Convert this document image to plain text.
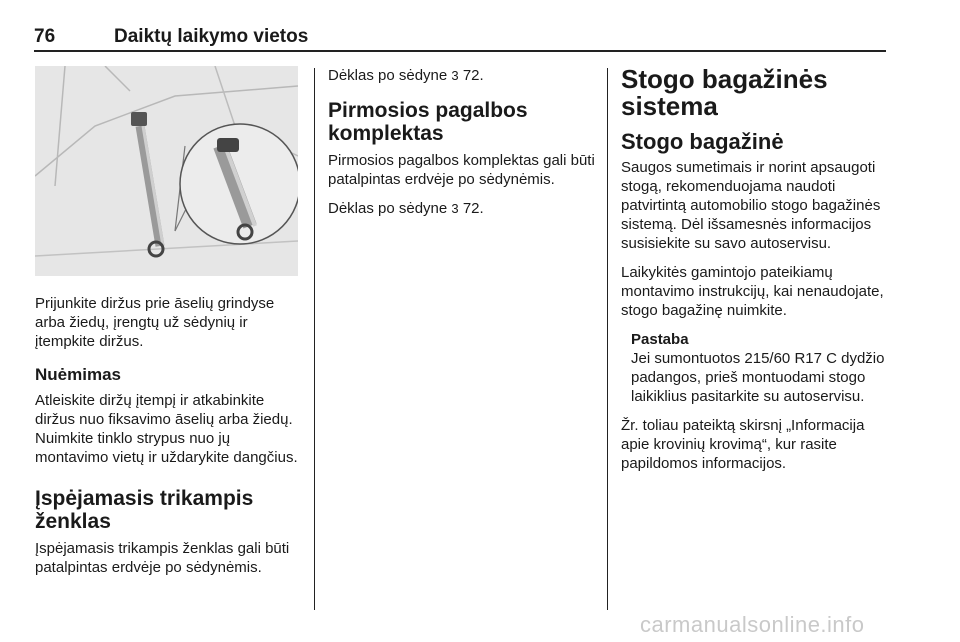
76	Daiktų laikymo vietos

Prijunkite diržus prie āselių grindyse arba žiedų, įrengtų už sėdynių ir įtempkite diržus.

Nuėmimas

Atleiskite diržų įtempį ir atkabinkite diržus nuo fiksavimo āselių arba žiedų. Nuimkite tinklo strypus nuo jų montavimo vietų ir uždarykite dangčius.

Įspėjamasis trikampis ženklas

Įspėjamasis trikampis ženklas gali būti patalpintas erdvėje po sėdynėmis.

Dėklas po sėdyne 3 72.

Pirmosios pagalbos komplektas

Pirmosios pagalbos komplektas gali būti patalpintas erdvėje po sėdynėmis.

Dėklas po sėdyne 3 72.

Stogo bagažinės sistema
Stogo bagažinė

Saugos sumetimais ir norint apsaugoti stogą, rekomenduojama naudoti patvirtintą automobilio stogo bagažinės sistemą. Dėl išsamesnės informacijos susisiekite su savo autoservisu.

Laikykitės gamintojo pateikiamų montavimo instrukcijų, kai nenaudojate, stogo bagažinę nuimkite.

Pastaba
Jei sumontuotos 215/60 R17 C dydžio padangos, prieš montuodami stogo laikiklius pasitarkite su autoservisu.

Žr. toliau pateiktą skirsnį „Informacija apie krovinių krovimą“, kur rasite papildomos informacijos.

carmanualsonline.info
